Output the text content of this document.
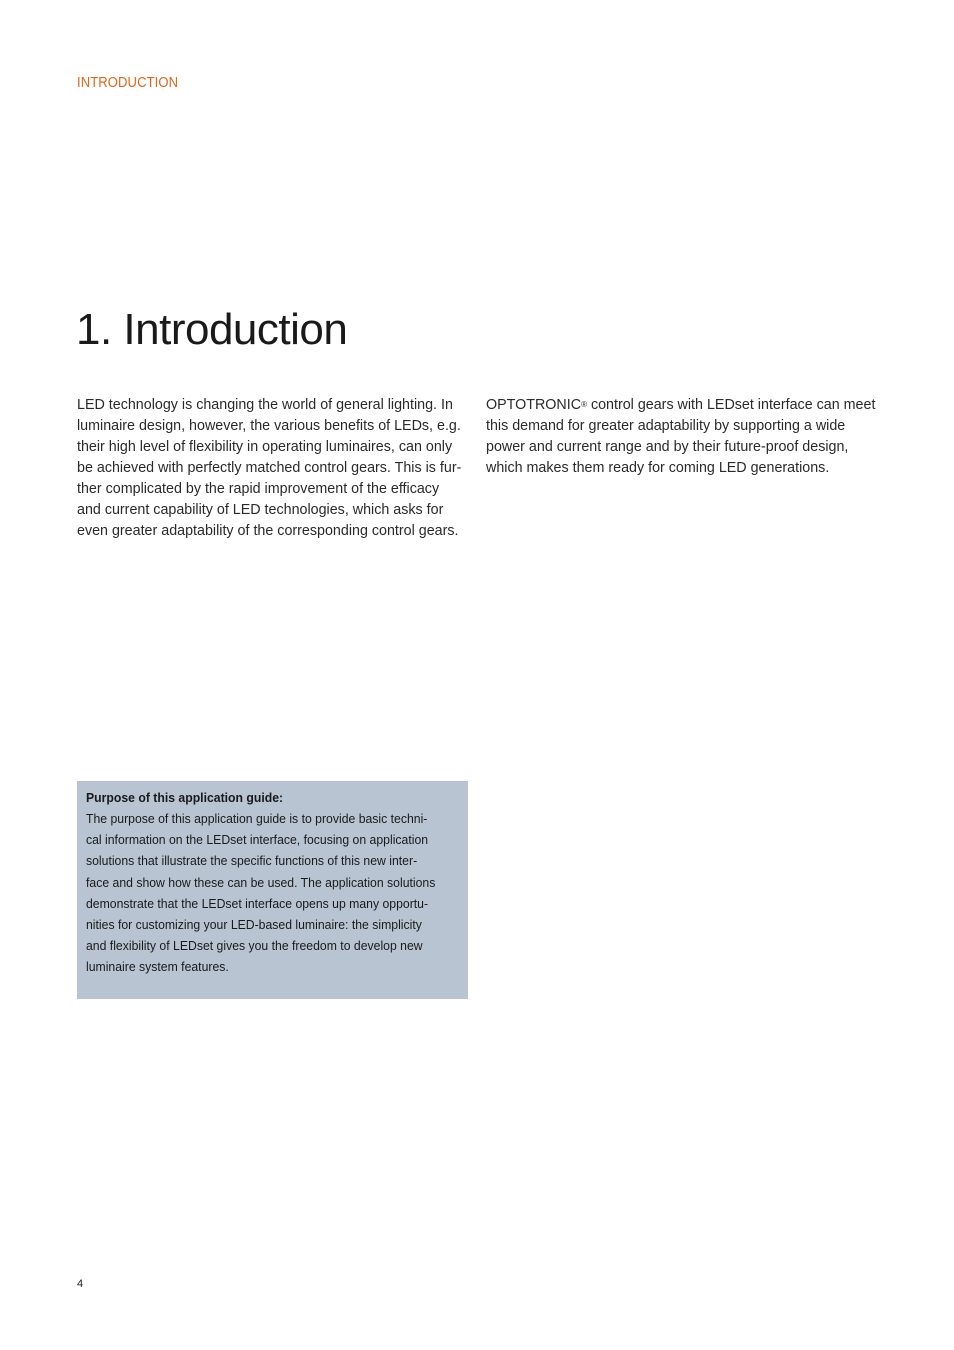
INTRODUCTION
1. Introduction
LED technology is changing the world of general lighting. In
luminaire design, however, the various benefits of LEDs, e.g.
their high level of flexibility in operating luminaires, can only
be achieved with perfectly matched control gears. This is fur-
ther complicated by the rapid improvement of the efficacy
and current capability of LED technologies, which asks for
even greater adaptability of the corresponding control gears.
OPTOTRONIC® control gears with LEDset interface can meet
this demand for greater adaptability by supporting a wide
power and current range and by their future-proof design,
which makes them ready for coming LED generations.
Purpose of this application guide:
The purpose of this application guide is to provide basic techni-
cal information on the LEDset interface, focusing on application
solutions that illustrate the specific functions of this new inter-
face and show how these can be used. The application solutions
demonstrate that the LEDset interface opens up many opportu-
nities for customizing your LED-based luminaire: the simplicity
and flexibility of LEDset gives you the freedom to develop new
luminaire system features.
4
